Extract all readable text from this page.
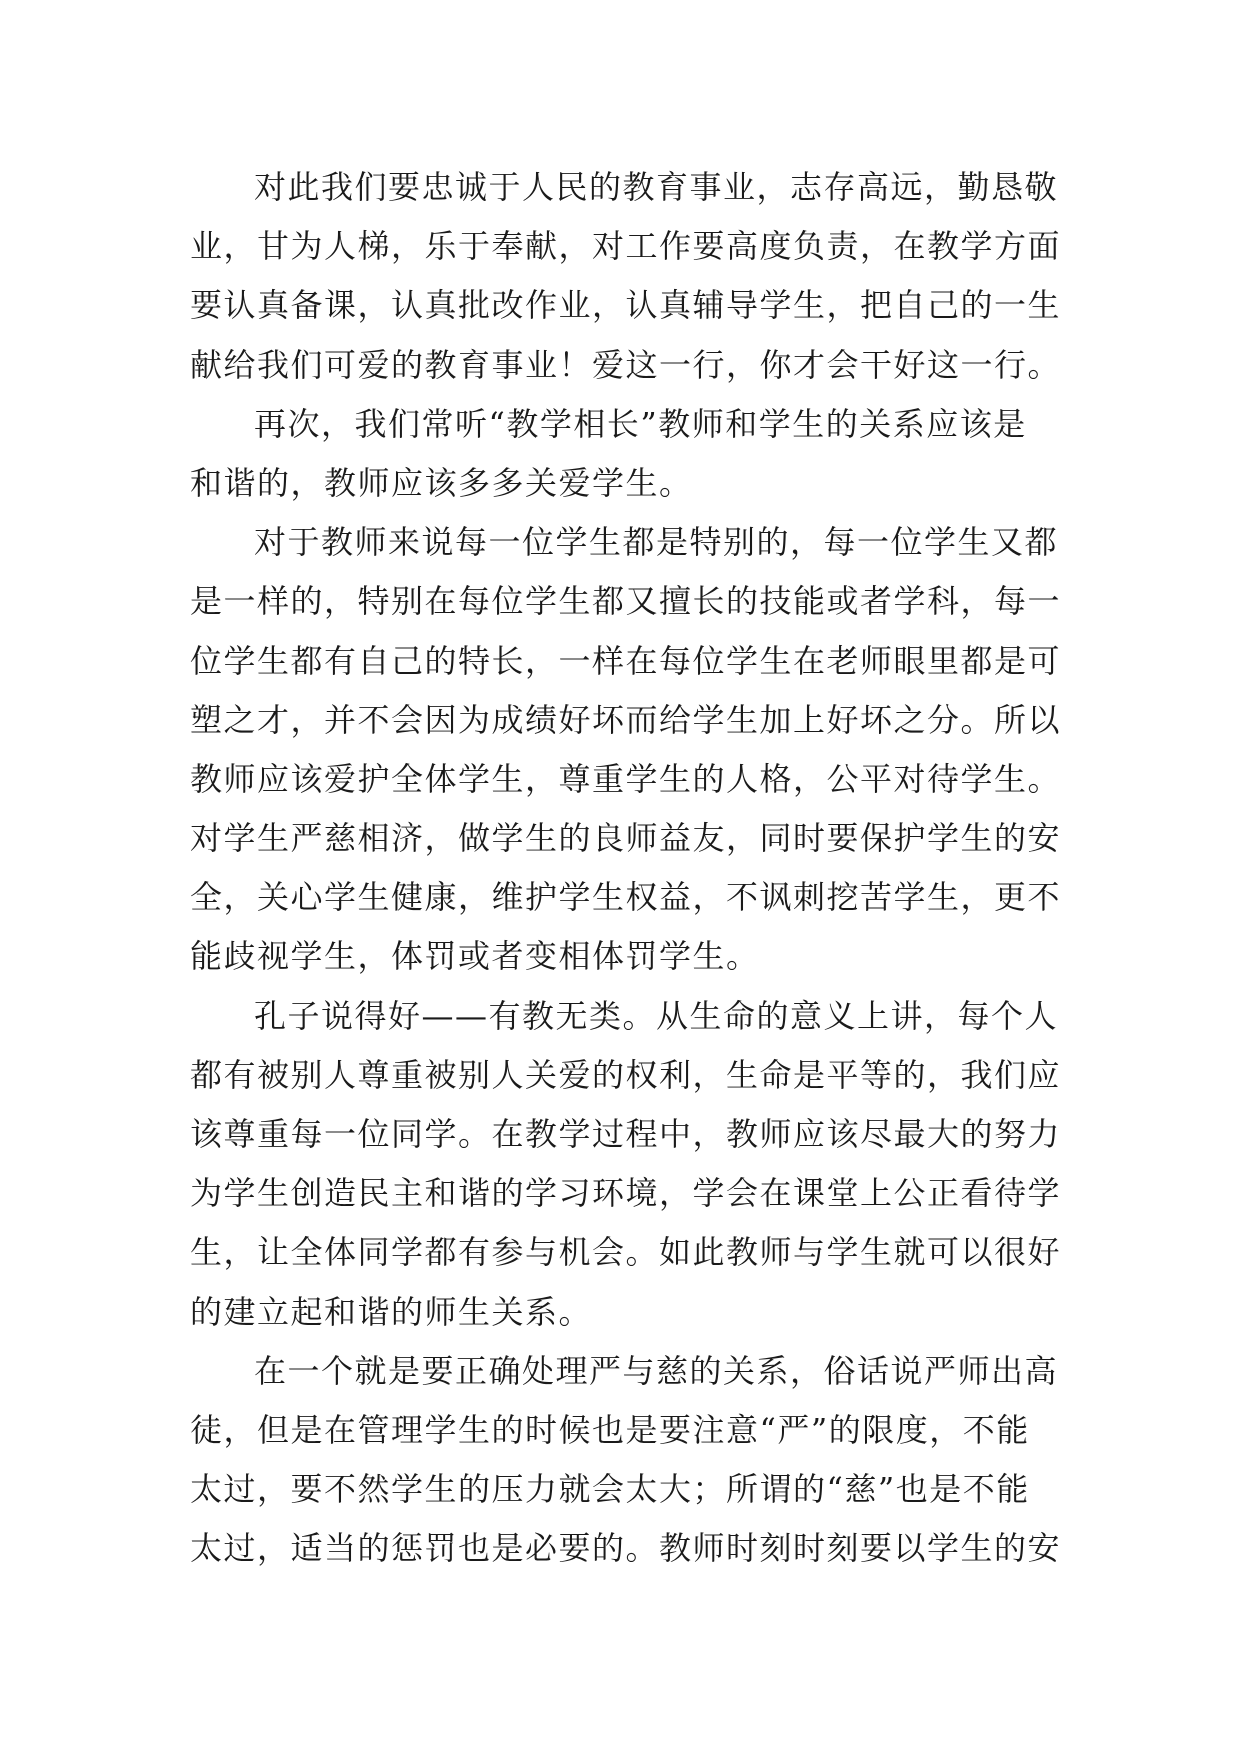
对此我们要忠诚于人民的教育事业，志存高远，勤恳敬
业，甘为人梯，乐于奉献，对工作要高度负责，在教学方面
要认真备课，认真批改作业，认真辅导学生，把自己的一生
献给我们可爱的教育事业！爱这一行，你才会干好这一行。
再次，我们常听“教学相长”教师和学生的关系应该是
和谐的，教师应该多多关爱学生。
对于教师来说每一位学生都是特别的，每一位学生又都
是一样的，特别在每位学生都又擅长的技能或者学科，每一
位学生都有自己的特长，一样在每位学生在老师眼里都是可
塑之才，并不会因为成绩好坏而给学生加上好坏之分。所以
教师应该爱护全体学生，尊重学生的人格，公平对待学生。
对学生严慈相济，做学生的良师益友，同时要保护学生的安
全，关心学生健康，维护学生权益，不讽刺挖苦学生，更不
能歧视学生，体罚或者变相体罚学生。
孔子说得好——有教无类。从生命的意义上讲，每个人
都有被别人尊重被别人关爱的权利，生命是平等的，我们应
该尊重每一位同学。在教学过程中，教师应该尽最大的努力
为学生创造民主和谐的学习环境，学会在课堂上公正看待学
生，让全体同学都有参与机会。如此教师与学生就可以很好
的建立起和谐的师生关系。
在一个就是要正确处理严与慈的关系，俗话说严师出高
徒，但是在管理学生的时候也是要注意“严”的限度，不能
太过，要不然学生的压力就会太大；所谓的“慈”也是不能
太过，适当的惩罚也是必要的。教师时刻时刻要以学生的安
